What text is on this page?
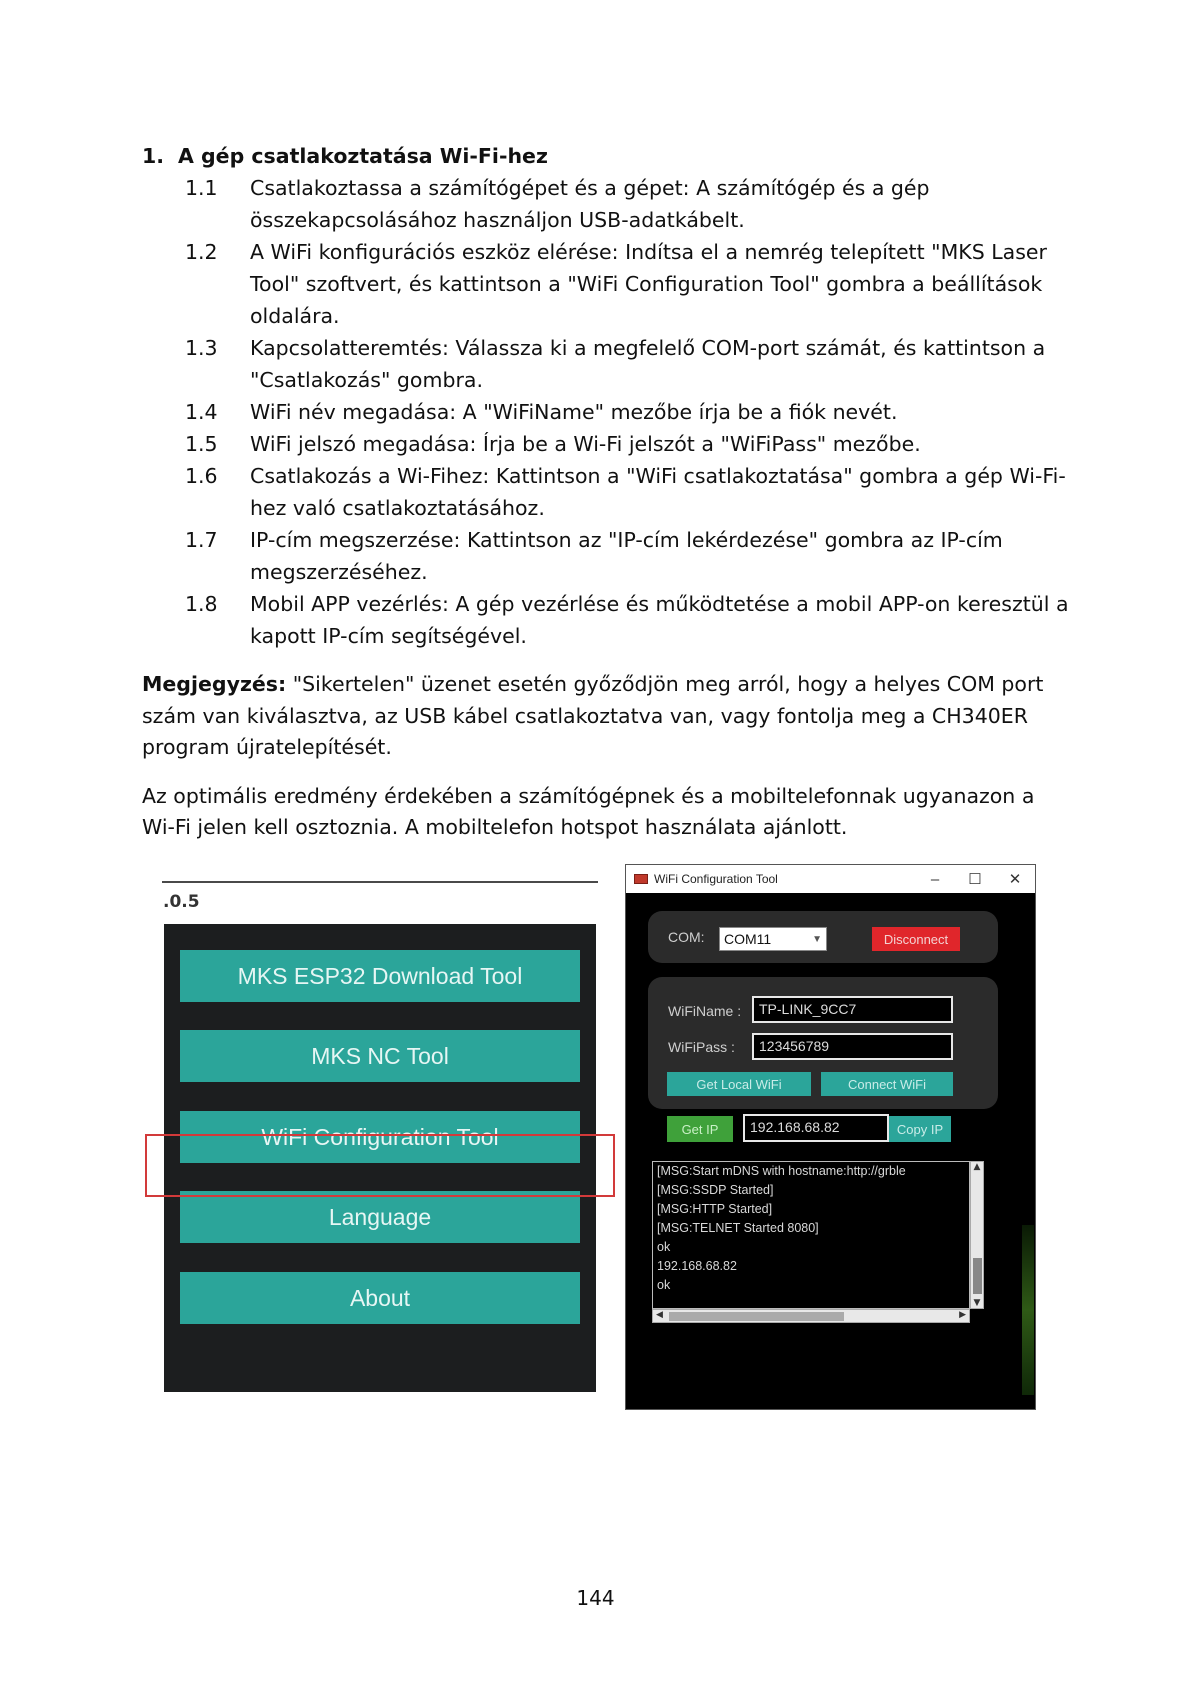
1. A gép csatlakoztatása Wi-Fi-hez
1.1	Csatlakoztassa a számítógépet és a gépet: A számítógép és a gép összekapcsolásához használjon USB-adatkábelt.
1.2	A WiFi konfigurációs eszköz elérése: Indítsa el a nemrég telepített "MKS Laser Tool" szoftvert, és kattintson a "WiFi Configuration Tool" gombra a beállítások oldalára.
1.3	Kapcsolatteremtés: Válassza ki a megfelelő COM-port számát, és kattintson a "Csatlakozás" gombra.
1.4	WiFi név megadása: A "WiFiName" mezőbe írja be a fiók nevét.
1.5	WiFi jelszó megadása: Írja be a Wi-Fi jelszót a "WiFiPass" mezőbe.
1.6	Csatlakozás a Wi-Fihez: Kattintson a "WiFi csatlakoztatása" gombra a gép Wi-Fi-hez való csatlakoztatásához.
1.7	IP-cím megszerzése: Kattintson az "IP-cím lekérdezése" gombra az IP-cím megszerzéséhez.
1.8	Mobil APP vezérlés: A gép vezérlése és működtetése a mobil APP-on keresztül a kapott IP-cím segítségével.

Megjegyzés: "Sikertelen" üzenet esetén győződjön meg arról, hogy a helyes COM port szám van kiválasztva, az USB kábel csatlakoztatva van, vagy fontolja meg a CH340ER program újratelepítését.

Az optimális eredmény érdekében a számítógépnek és a mobiltelefonnak ugyanazon a Wi-Fi jelen kell osztoznia. A mobiltelefon hotspot használata ajánlott.

.0.5
MKS ESP32 Download Tool
MKS NC Tool
WiFi Configuration Tool
Language
About
WiFi Configuration Tool	–	☐	✕
COM: COM11	▼	Disconnect
WiFiName :	TP-LINK_9CC7
WiFiPass :	123456789
Get Local WiFi	Connect WiFi
Get IP	192.168.68.82	Copy IP
[MSG:Start mDNS with hostname:http://grble
[MSG:SSDP Started]
[MSG:HTTP Started]
[MSG:TELNET Started 8080]
ok
192.168.68.82
ok
▲
▼
◀	▶
144
